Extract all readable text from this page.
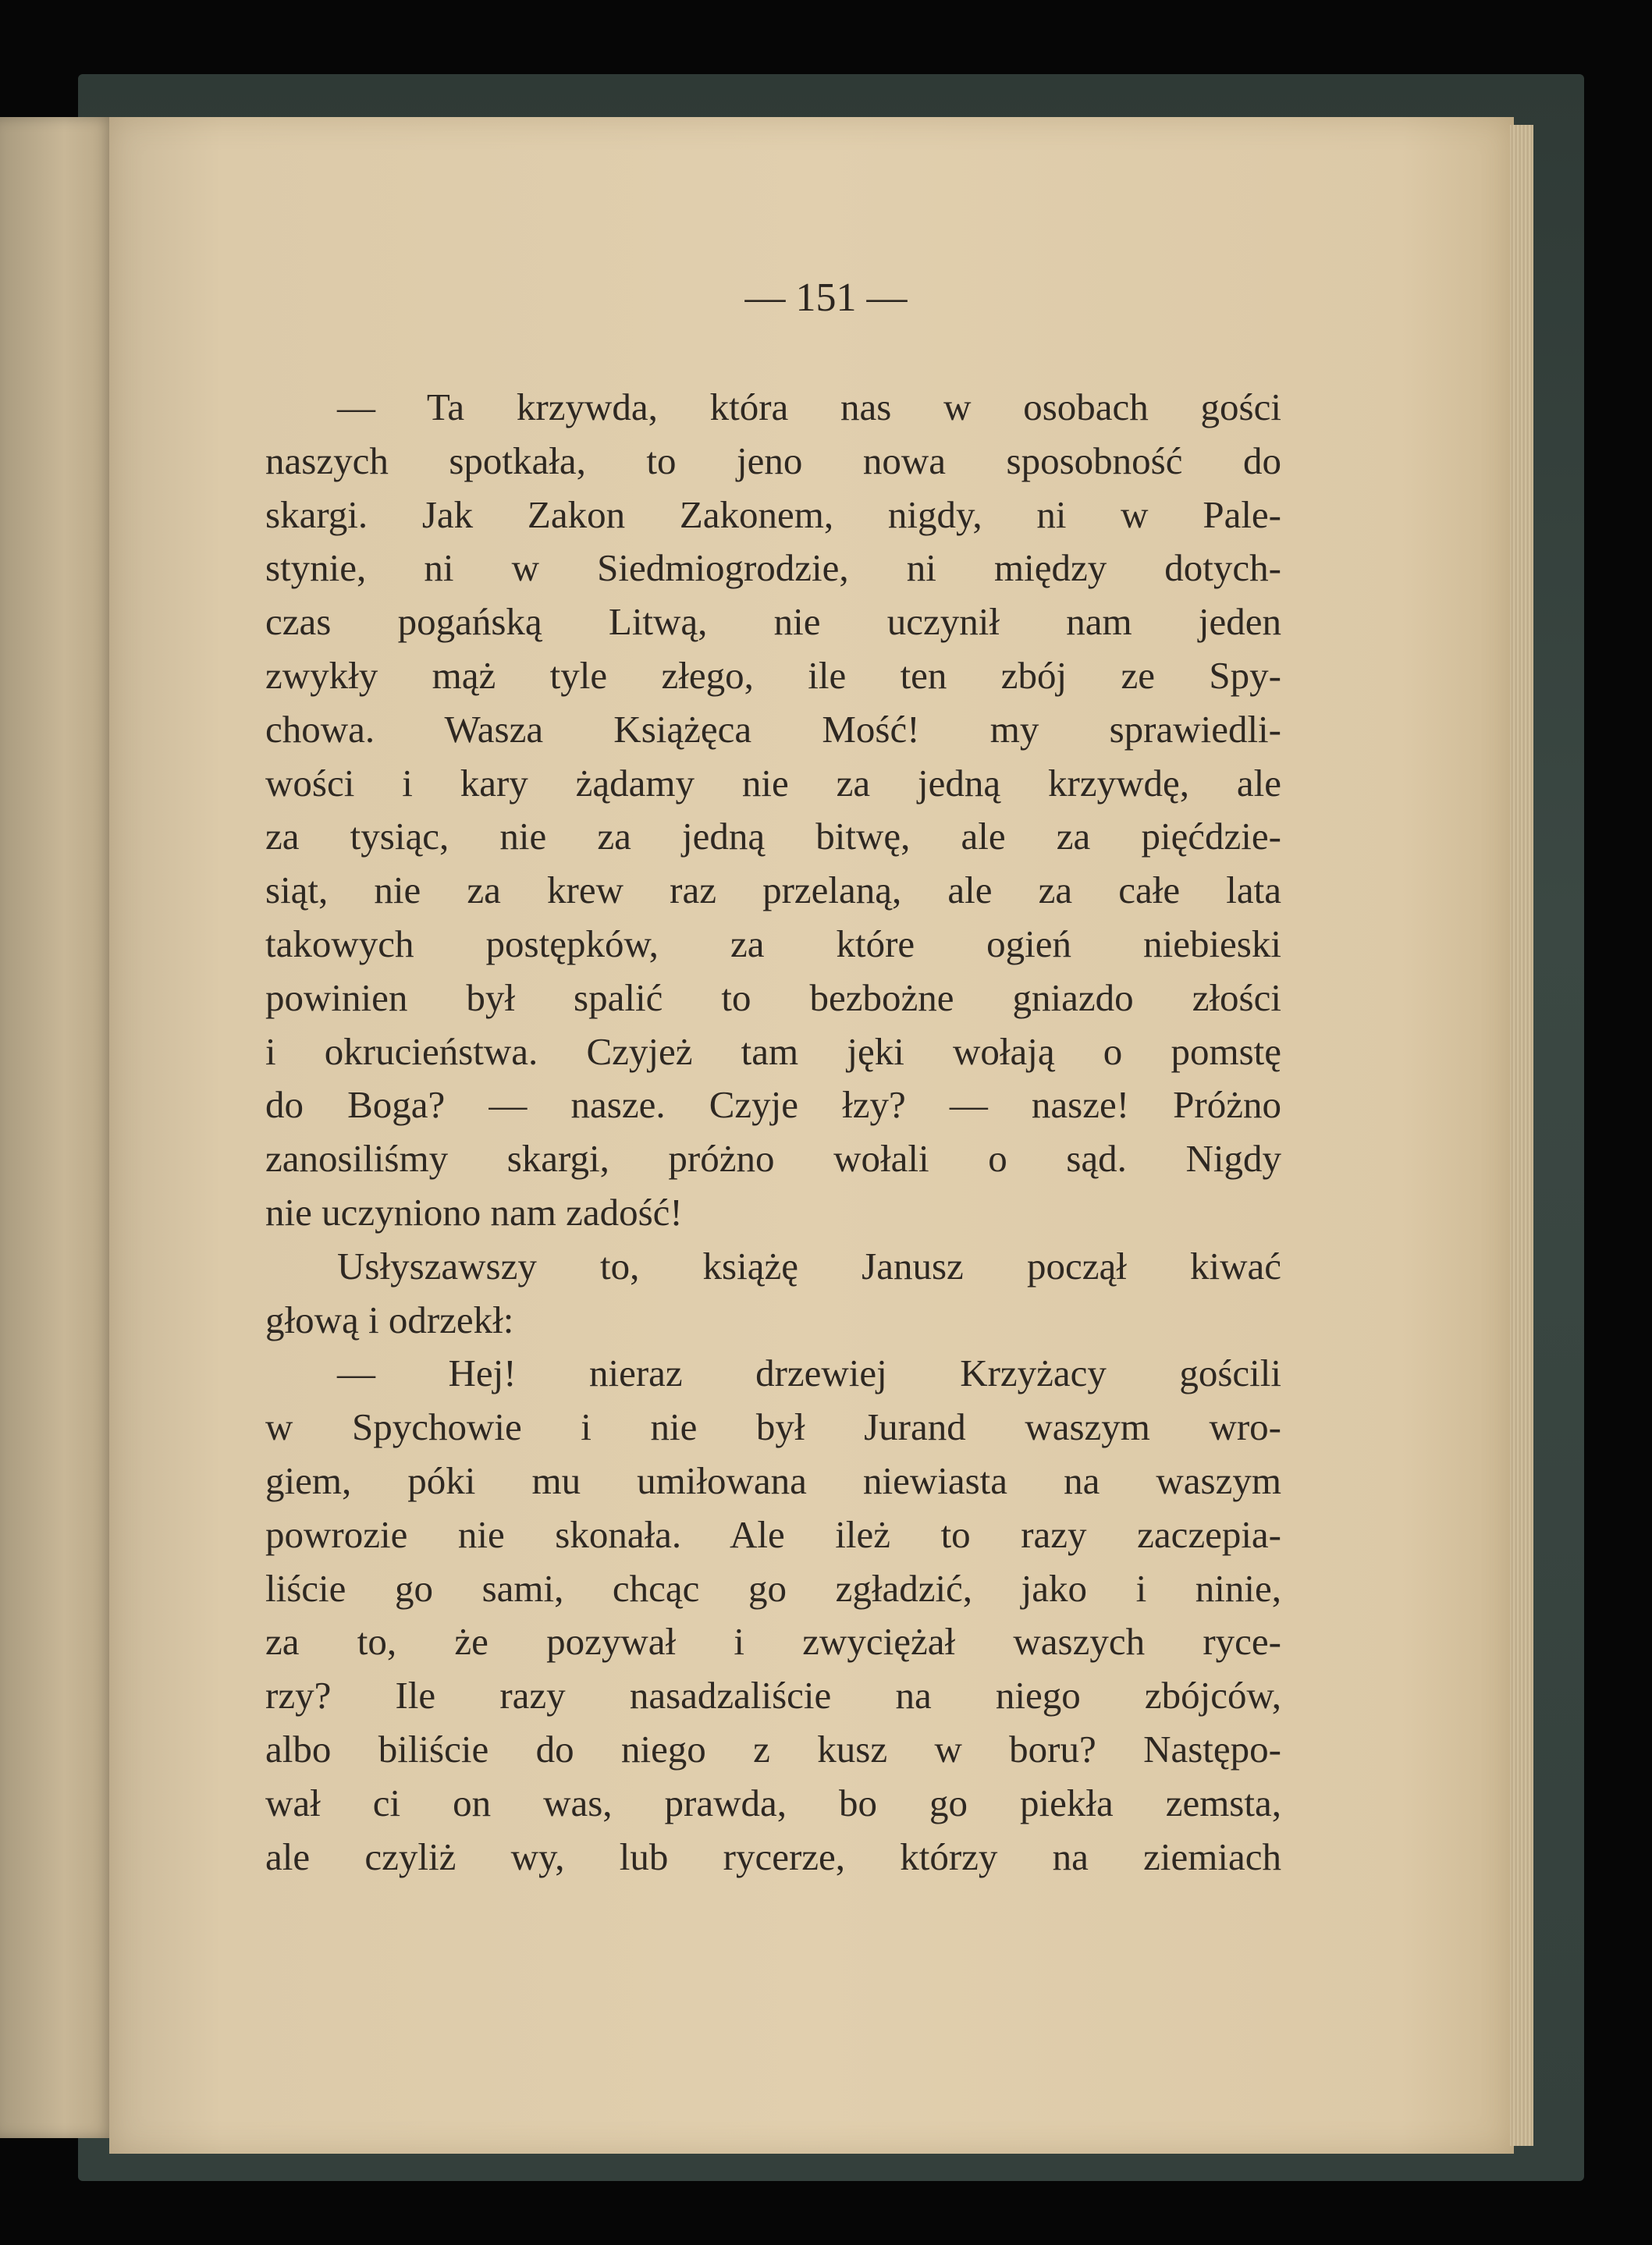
— 151 —
— Ta krzywda, która nas w osobach gości
naszych spotkała, to jeno nowa sposobność do
skargi. Jak Zakon Zakonem, nigdy, ni w Pale-
stynie, ni w Siedmiogrodzie, ni między dotych-
czas pogańską Litwą, nie uczynił nam jeden
zwykły mąż tyle złego, ile ten zbój ze Spy-
chowa. Wasza Książęca Mość! my sprawiedli-
wości i kary żądamy nie za jedną krzywdę, ale
za tysiąc, nie za jedną bitwę, ale za pięćdzie-
siąt, nie za krew raz przelaną, ale za całe lata
takowych postępków, za które ogień niebieski
powinien był spalić to bezbożne gniazdo złości
i okrucieństwa. Czyjeż tam jęki wołają o pomstę
do Boga? — nasze. Czyje łzy? — nasze! Próżno
zanosiliśmy skargi, próżno wołali o sąd. Nigdy
nie uczyniono nam zadość!
Usłyszawszy to, książę Janusz począł kiwać
głową i odrzekł:
— Hej! nieraz drzewiej Krzyżacy gościli
w Spychowie i nie był Jurand waszym wro-
giem, póki mu umiłowana niewiasta na waszym
powrozie nie skonała. Ale ileż to razy zaczepia-
liście go sami, chcąc go zgładzić, jako i ninie,
za to, że pozywał i zwyciężał waszych ryce-
rzy? Ile razy nasadzaliście na niego zbójców,
albo biliście do niego z kusz w boru? Następo-
wał ci on was, prawda, bo go piekła zemsta,
ale czyliż wy, lub rycerze, którzy na ziemiach
